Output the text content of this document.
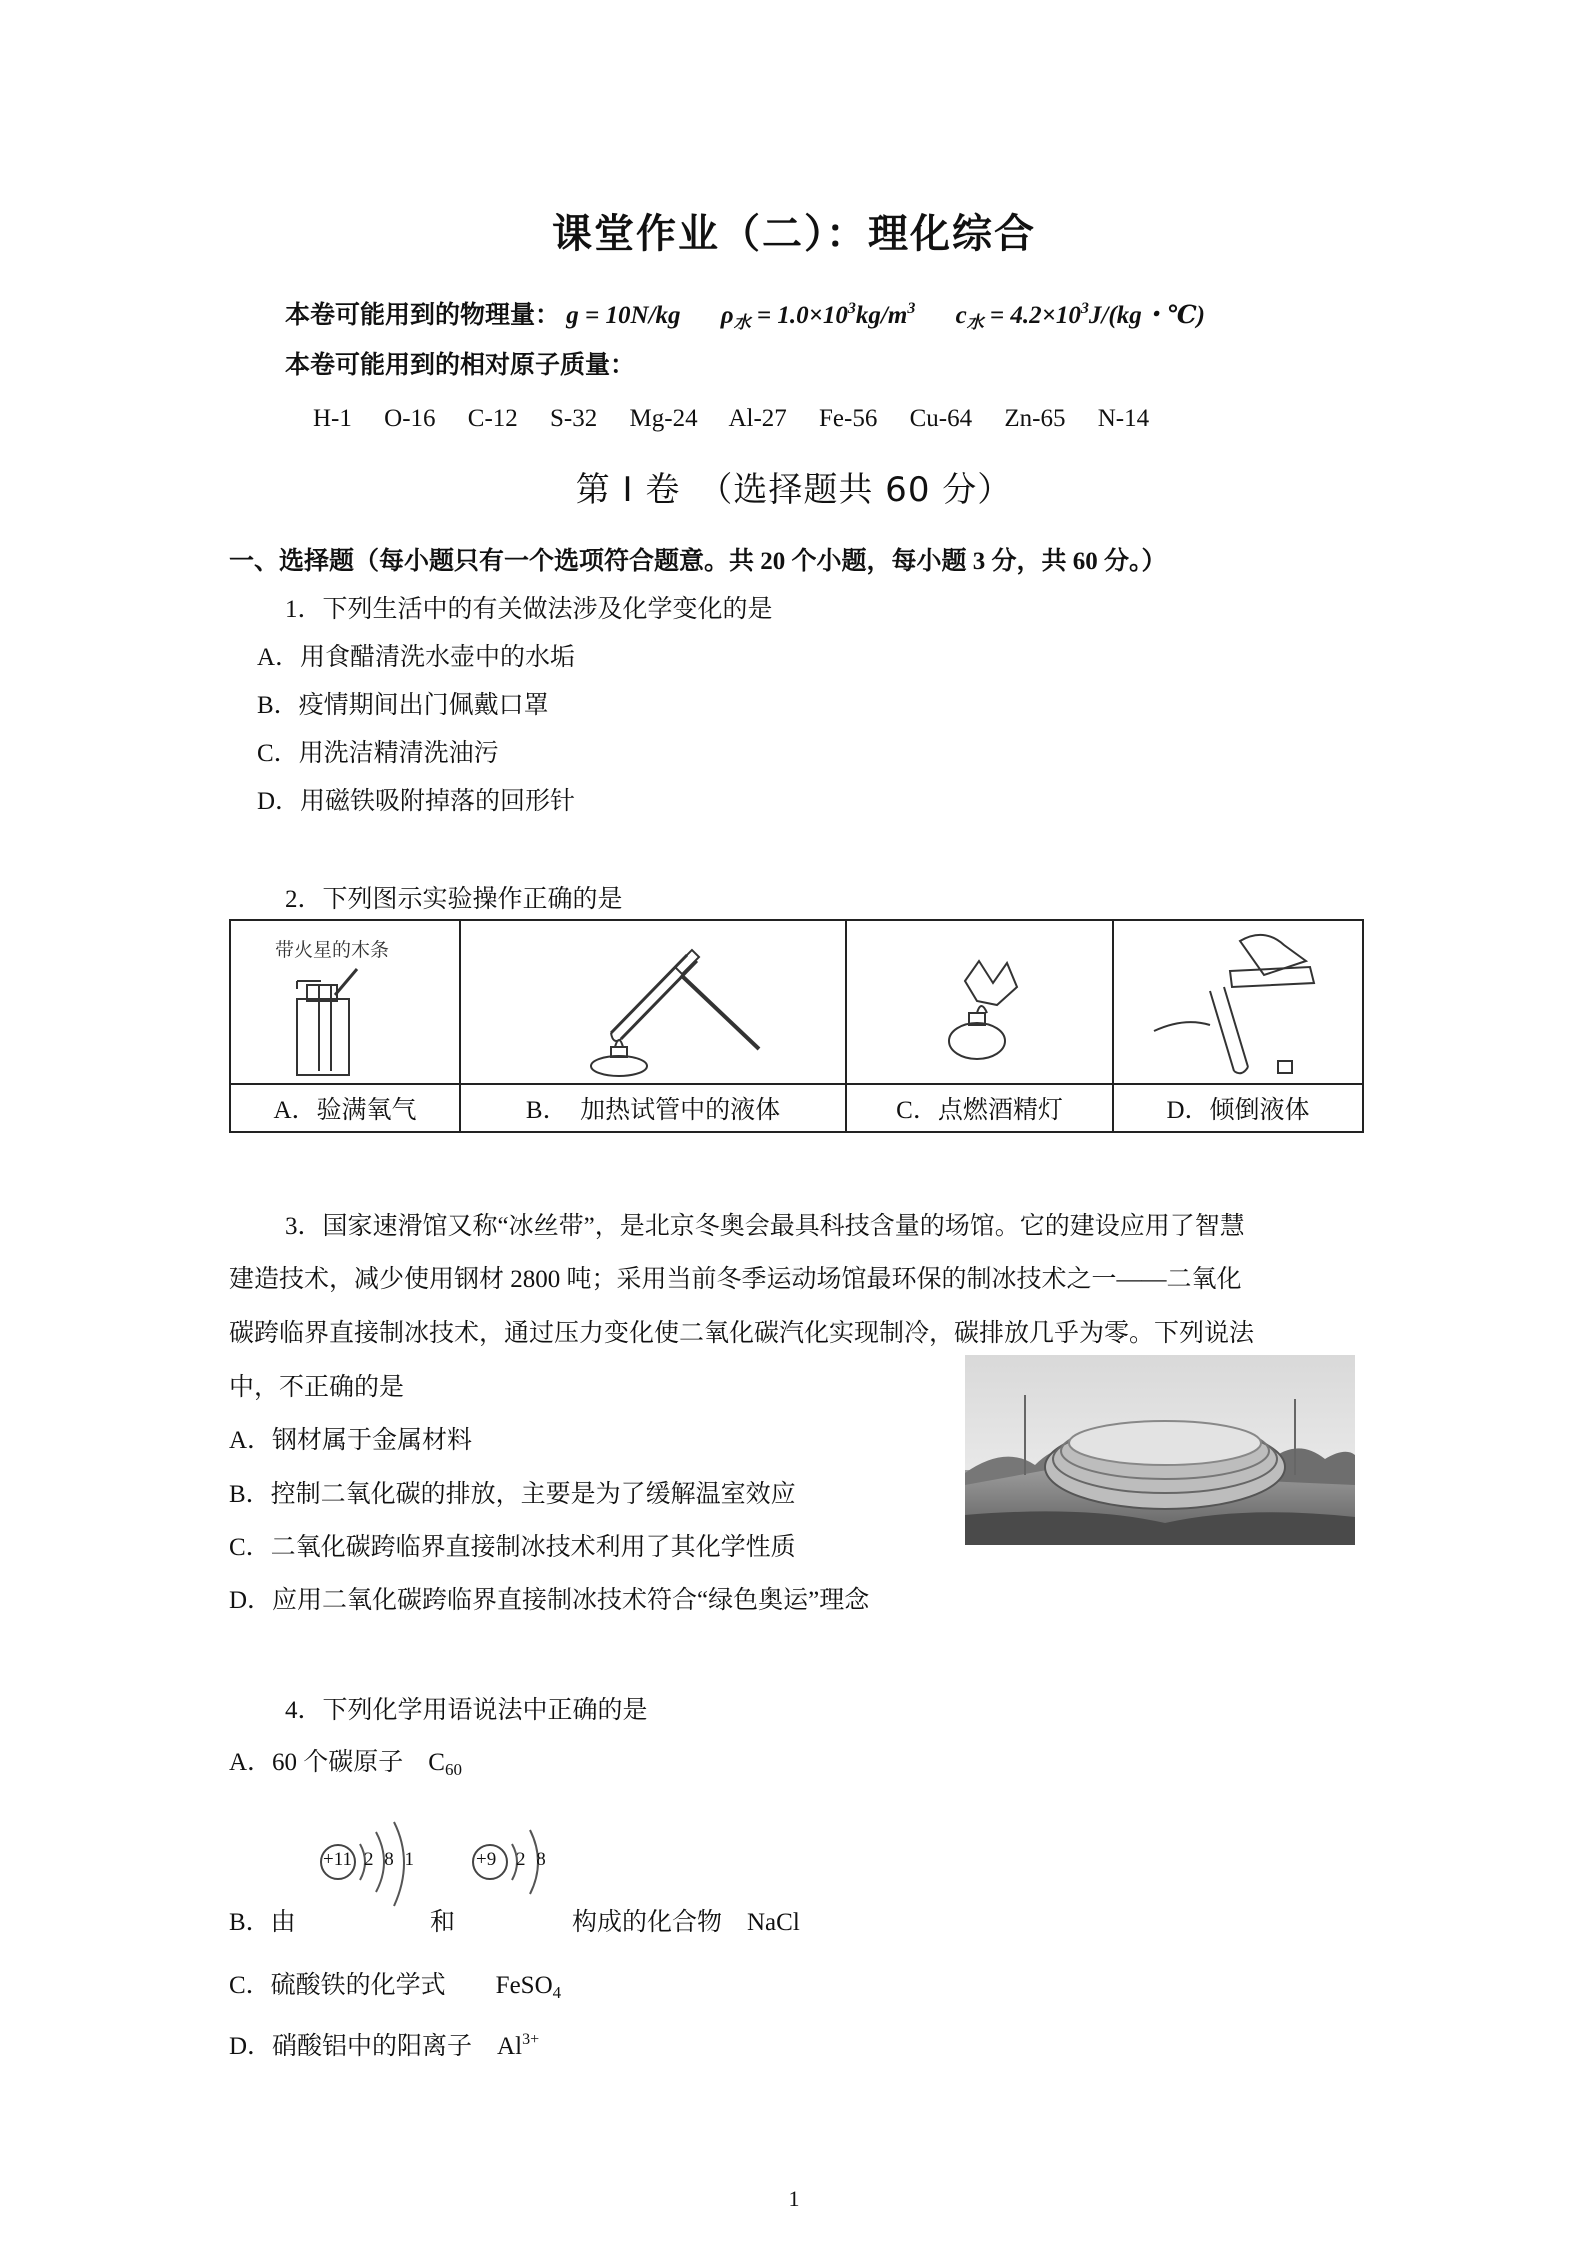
课堂作业（二）：理化综合
本卷可能用到的物理量： g = 10N/kg $\rho_水 = 1.0\times 10^3kg/m^3$ $c_水 = 4.2\times 10^3J/(kg$・℃)
本卷可能用到的相对原子质量：
H-1 O-16 C-12 S-32 Mg-24 Al-27 Fe-56 Cu-64 Zn-65 N-14
第 I 卷　（选择题共 60 分）
一、选择题（每小题只有一个选项符合题意。共 20 个小题，每小题 3 分，共 60 分。）
1．下列生活中的有关做法涉及化学变化的是
A．用食醋清洗水壶中的水垢
B．疫情期间出门佩戴口罩
C．用洗洁精清洗油污
D．用磁铁吸附掉落的回形针
2．下列图示实验操作正确的是
带火星的木条

A．验满氧气	B．　加热试管中的液体	C．点燃酒精灯	D．倾倒液体
3．国家速滑馆又称“冰丝带”，是北京冬奥会最具科技含量的场馆。它的建设应用了智慧
建造技术，减少使用钢材 2800 吨；采用当前冬季运动场馆最环保的制冰技术之一——二氧化
碳跨临界直接制冰技术，通过压力变化使二氧化碳汽化实现制冷，碳排放几乎为零。下列说法
中，不正确的是
A．钢材属于金属材料
B．控制二氧化碳的排放，主要是为了缓解温室效应
C．二氧化碳跨临界直接制冰技术利用了其化学性质
D．应用二氧化碳跨临界直接制冰技术符合“绿色奥运”理念
4．下列化学用语说法中正确的是
A．60 个碳原子　$C_{60}$
+11 2 8 1	+9 2 8
B．由	和	构成的化合物　NaCl
C．硫酸铁的化学式　　FeSO$_4$
D．硝酸铝中的阳离子　$Al^{3+}$
1
